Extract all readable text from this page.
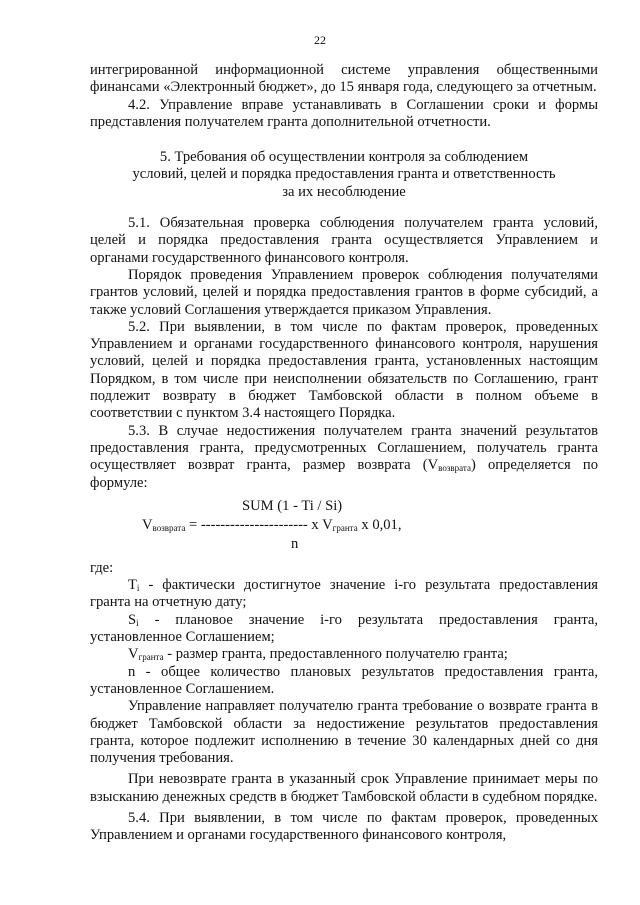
22

интегрированной информационной системе управления общественными финансами «Электронный бюджет», до 15 января года, следующего за отчетным.

4.2. Управление вправе устанавливать в Соглашении сроки и формы представления получателем гранта дополнительной отчетности.

5. Требования об осуществлении контроля за соблюдением
условий, целей и порядка предоставления гранта и ответственность
за их несоблюдение

5.1. Обязательная проверка соблюдения получателем гранта условий, целей и порядка предоставления гранта осуществляется Управлением и органами государственного финансового контроля.

Порядок проведения Управлением проверок соблюдения получателями грантов условий, целей и порядка предоставления грантов в форме субсидий, а также условий Соглашения утверждается приказом Управления.

5.2. При выявлении, в том числе по фактам проверок, проведенных Управлением и органами государственного финансового контроля, нарушения условий, целей и порядка предоставления гранта, установленных настоящим Порядком, в том числе при неисполнении обязательств по Соглашению, грант подлежит возврату в бюджет Тамбовской области в полном объеме в соответствии с пунктом 3.4 настоящего Порядка.

5.3. В случае недостижения получателем гранта значений результатов предоставления гранта, предусмотренных Соглашением, получатель гранта осуществляет возврат гранта, размер возврата $(V_{возврата})$ определяется по формуле:

SUM (1 - Ti / Si)
$V_{возврата}$ = ---------------------- x $V_{гранта}$ x 0,01,
n

где:

$T_i$ - фактически достигнутое значение i-го результата предоставления гранта на отчетную дату;

$S_i$ - плановое значение i-го результата предоставления гранта, установленное Соглашением;

$V_{гранта}$ - размер гранта, предоставленного получателю гранта;

n - общее количество плановых результатов предоставления гранта, установленное Соглашением.

Управление направляет получателю гранта требование о возврате гранта в бюджет Тамбовской области за недостижение результатов предоставления гранта, которое подлежит исполнению в течение 30 календарных дней со дня получения требования.

При невозврате гранта в указанный срок Управление принимает меры по взысканию денежных средств в бюджет Тамбовской области в судебном порядке.

5.4. При выявлении, в том числе по фактам проверок, проведенных Управлением и органами государственного финансового контроля,
